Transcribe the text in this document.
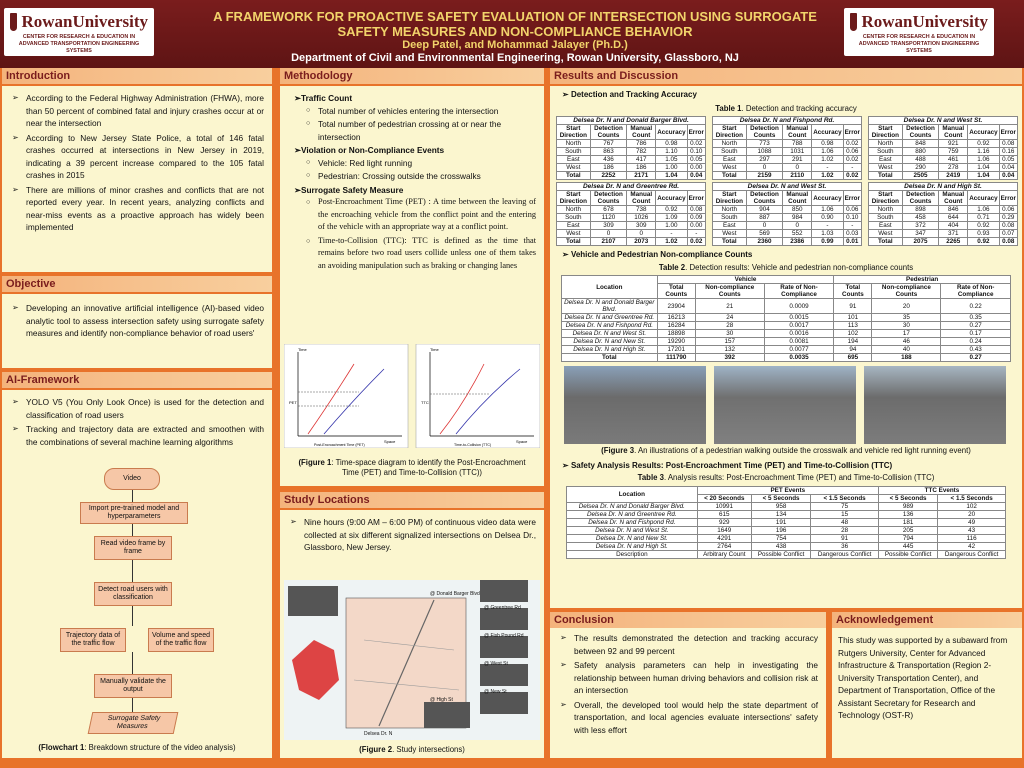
RowanUniversity
CENTER FOR RESEARCH & EDUCATION IN ADVANCED TRANSPORTATION ENGINEERING SYSTEMS
A FRAMEWORK FOR PROACTIVE SAFETY EVALUATION OF INTERSECTION USING SURROGATE SAFETY MEASURES AND NON-COMPLIANCE BEHAVIOR
Deep Patel, and Mohammad Jalayer (Ph.D.)
Department of Civil and Environmental Engineering, Rowan University, Glassboro, NJ
RowanUniversity
CENTER FOR RESEARCH & EDUCATION IN ADVANCED TRANSPORTATION ENGINEERING SYSTEMS
Introduction
➢ According to the Federal Highway Administration (FHWA), more than 50 percent of combined fatal and injury crashes occur at or near the intersection
➢ According to New Jersey State Police, a total of 146 fatal crashes occurred at intersections in New Jersey in 2019, indicating a 39 percent increase compared to the 105 fatal crashes in 2015
➢ There are millions of minor crashes and conflicts that are not reported every year. In recent years, analyzing conflicts and near-miss events as a proactive approach has widely been implemented
Objective
➢ Developing an innovative artificial intelligence (AI)-based video analytic tool to assess intersection safety using surrogate safety measures and identify non-compliance behavior of road users'
AI-Framework
➢ YOLO V5 (You Only Look Once) is used for the detection and classification of road users
➢ Tracking and trajectory data are extracted and smoothen with the combinations of several machine learning algorithms
Video
Import pre-trained model and hyperparameters
Read video frame by frame
Detect road users with classification
Trajectory data of the traffic flow
Volume and speed of the traffic flow
Manually validate the output
Surrogate Safety Measures
(Flowchart 1: Breakdown structure of the video analysis)
Methodology
➢Traffic Count
○ Total number of vehicles entering the intersection
○ Total number of pedestrian crossing at or near the intersection
➢Violation or Non-Compliance Events
○ Vehicle: Red light running
○ Pedestrian: Crossing outside the crosswalks
➢Surrogate Safety Measure
○ Post-Encroachment Time (PET) : A time between the leaving of the encroaching vehicle from the conflict point and the entering of the vehicle with an appropriate way at a conflict point.
○ Time-to-Collision (TTC): TTC is defined as the time that remains before two road users collide unless one of them takes an avoiding manipulation such as braking or changing lanes
Time	Time
PET	TTC
Space	Space
Post-Encroachment Time (PET)	Time-to-Collision (TTC)
(Figure 1: Time-space diagram to identify the Post-Encroachment Time (PET) and Time-to-Collision (TTC))
Study Locations
➢ Nine hours (9:00 AM – 6:00 PM) of continuous video data were collected at six different signalized intersections on Delsea Dr., Glassboro, New Jersey.
@ Donald Barger Blvd
@ Greentree Rd
@ Fish Pound Rd
@ West St
@ New St
@ High St
Delsea Dr. N
(Figure 2. Study intersections)
Results and Discussion
➢ Detection and Tracking Accuracy
Table 1. Detection and tracking accuracy
Delsea Dr. N and Donald Barger Blvd.				
Start Direction	Detection Counts	Manual Count	Accuracy	Error
North	767	786	0.98	0.02
South	863	782	1.10	0.10
East	436	417	1.05	0.05
West	186	186	1.00	0.00
Total	2252	2171	1.04	0.04
Delsea Dr. N and Fishpond Rd.				
Start Direction	Detection Counts	Manual Count	Accuracy	Error
North	773	788	0.98	0.02
South	1088	1031	1.06	0.06
East	297	291	1.02	0.02
West	0	0	-	-
Total	2159	2110	1.02	0.02
Delsea Dr. N and West St.				
Start Direction	Detection Counts	Manual Count	Accuracy	Error
North	848	921	0.92	0.08
South	880	759	1.16	0.16
East	488	461	1.06	0.05
West	290	278	1.04	0.04
Total	2505	2419	1.04	0.04
Delsea Dr. N and Greentree Rd.				
Start Direction	Detection Counts	Manual Count	Accuracy	Error
North	678	738	0.92	0.08
South	1120	1026	1.09	0.09
East	309	309	1.00	0.00
West	0	0	-	-
Total	2107	2073	1.02	0.02
Delsea Dr. N and West St.				
Start Direction	Detection Counts	Manual Count	Accuracy	Error
North	904	850	1.06	0.06
South	887	984	0.90	0.10
East	0	0	-	-
West	569	552	1.03	0.03
Total	2360	2386	0.99	0.01
Delsea Dr. N and High St.				
Start Direction	Detection Counts	Manual Count	Accuracy	Error
North	898	846	1.06	0.06
South	458	644	0.71	0.29
East	372	404	0.92	0.08
West	347	371	0.93	0.07
Total	2075	2265	0.92	0.08
➢ Vehicle and Pedestrian Non-compliance Counts
Table 2. Detection results: Vehicle and pedestrian non-compliance counts
Location	Vehicle			Pedestrian		
	Total Counts	Non-compliance Counts	Rate of Non-Compliance	Total Counts	Non-compliance Counts	Rate of Non-Compliance
Delsea Dr. N and Donald Barger Blvd.	23904	21	0.0009	91	20	0.22
Delsea Dr. N and Greentree Rd.	16213	24	0.0015	101	35	0.35
Delsea Dr. N and Fishpond Rd.	16284	28	0.0017	113	30	0.27
Delsea Dr. N and West St.	18898	30	0.0016	102	17	0.17
Delsea Dr. N and New St.	19290	157	0.0081	194	46	0.24
Delsea Dr. N and High St.	17201	132	0.0077	94	40	0.43
Total	111790	392	0.0035	695	188	0.27
(Figure 3. An illustrations of a pedestrian walking outside the crosswalk and vehicle red light running event)
➢ Safety Analysis Results: Post-Encroachment Time (PET) and Time-to-Collision (TTC)
Table 3. Analysis results: Post-Encroachment Time (PET) and Time-to-Collision (TTC)
Location	PET Events			TTC Events	
	< 20 Seconds	< 5 Seconds	< 1.5 Seconds	< 5 Seconds	< 1.5 Seconds
Delsea Dr. N and Donald Barger Blvd.	10991	958	75	989	102
Delsea Dr. N and Greentree Rd.	615	134	15	136	20
Delsea Dr. N and Fishpond Rd.	929	191	48	181	49
Delsea Dr. N and West St.	1649	196	28	205	43
Delsea Dr. N and New St.	4291	754	91	794	116
Delsea Dr. N and High St.	2764	438	36	445	42
Description	Arbitrary Count	Possible Conflict	Dangerous Conflict	Possible Conflict	Dangerous Conflict
Conclusion
➢ The results demonstrated the detection and tracking accuracy between 92 and 99 percent
➢ Safety analysis parameters can help in investigating the relationship between human driving behaviors and collision risk at an intersection
➢ Overall, the developed tool would help the state department of transportation, and local agencies evaluate intersections' safety with less effort
Acknowledgement
This study was supported by a subaward from Rutgers University, Center for Advanced Infrastructure & Transportation (Region 2-University Transportation Center), and Department of Transportation, Office of the Assistant Secretary for Research and Technology (OST-R)
